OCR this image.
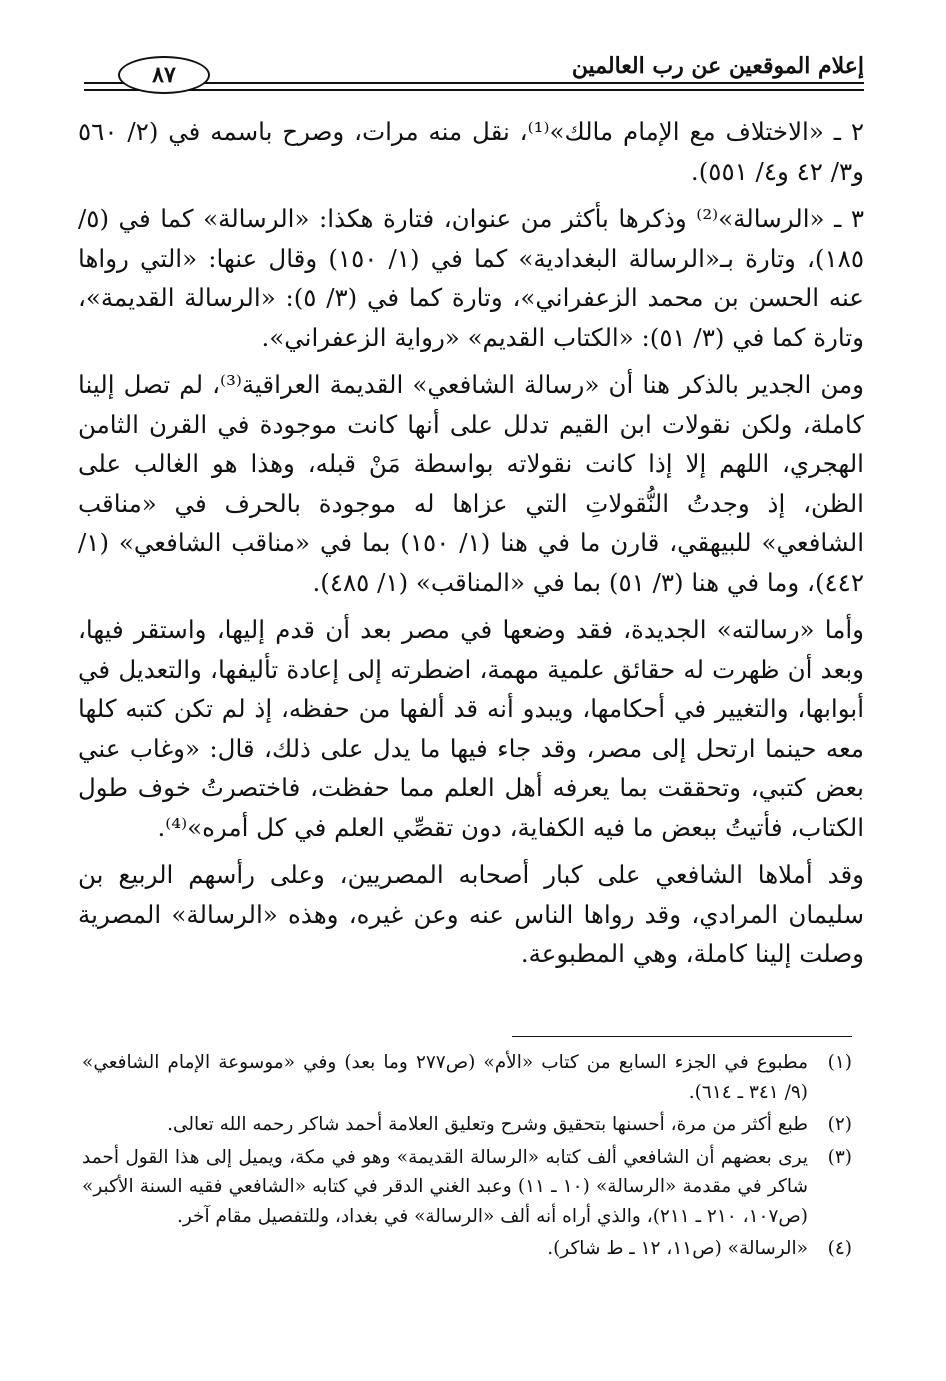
إعلام الموقعين عن رب العالمين
٨٧

٢ ـ «الاختلاف مع الإمام مالك»⁽¹⁾، نقل منه مرات، وصرح باسمه في (٢/ ٥٦٠ و٣/ ٤٢ و٤/ ٥٥١).

٣ ـ «الرسالة»⁽²⁾ وذكرها بأكثر من عنوان، فتارة هكذا: «الرسالة» كما في (٥/ ١٨٥)، وتارة بـ«الرسالة البغدادية» كما في (١/ ١٥٠) وقال عنها: «التي رواها عنه الحسن بن محمد الزعفراني»، وتارة كما في (٣/ ٥): «الرسالة القديمة»، وتارة كما في (٣/ ٥١): «الكتاب القديم» «رواية الزعفراني».

ومن الجدير بالذكر هنا أن «رسالة الشافعي» القديمة العراقية⁽³⁾، لم تصل إلينا كاملة، ولكن نقولات ابن القيم تدلل على أنها كانت موجودة في القرن الثامن الهجري، اللهم إلا إذا كانت نقولاته بواسطة مَنْ قبله، وهذا هو الغالب على الظن، إذ وجدتُ النُّقولاتِ التي عزاها له موجودة بالحرف في «مناقب الشافعي» للبيهقي، قارن ما في هنا (١/ ١٥٠) بما في «مناقب الشافعي» (١/ ٤٤٢)، وما في هنا (٣/ ٥١) بما في «المناقب» (١/ ٤٨٥).

وأما «رسالته» الجديدة، فقد وضعها في مصر بعد أن قدم إليها، واستقر فيها، وبعد أن ظهرت له حقائق علمية مهمة، اضطرته إلى إعادة تأليفها، والتعديل في أبوابها، والتغيير في أحكامها، ويبدو أنه قد ألفها من حفظه، إذ لم تكن كتبه كلها معه حينما ارتحل إلى مصر، وقد جاء فيها ما يدل على ذلك، قال: «وغاب عني بعض كتبي، وتحققت بما يعرفه أهل العلم مما حفظت، فاختصرتُ خوف طول الكتاب، فأتيتُ ببعض ما فيه الكفاية، دون تقصِّي العلم في كل أمره»⁽⁴⁾.

وقد أملاها الشافعي على كبار أصحابه المصريين، وعلى رأسهم الربيع بن سليمان المرادي، وقد رواها الناس عنه وعن غيره، وهذه «الرسالة» المصرية وصلت إلينا كاملة، وهي المطبوعة.

(١)
مطبوع في الجزء السابع من كتاب «الأم» (ص٢٧٧ وما بعد) وفي «موسوعة الإمام الشافعي» (٩/ ٣٤١ ـ ٦١٤).
(٢)
طبع أكثر من مرة، أحسنها بتحقيق وشرح وتعليق العلامة أحمد شاكر رحمه الله تعالى.
(٣)
يرى بعضهم أن الشافعي ألف كتابه «الرسالة القديمة» وهو في مكة، ويميل إلى هذا القول أحمد شاكر في مقدمة «الرسالة» (١٠ ـ ١١) وعبد الغني الدقر في كتابه «الشافعي فقيه السنة الأكبر» (ص١٠٧، ٢١٠ ـ ٢١١)، والذي أراه أنه ألف «الرسالة» في بغداد، وللتفصيل مقام آخر.
(٤)
«الرسالة» (ص١١، ١٢ ـ ط شاكر).
